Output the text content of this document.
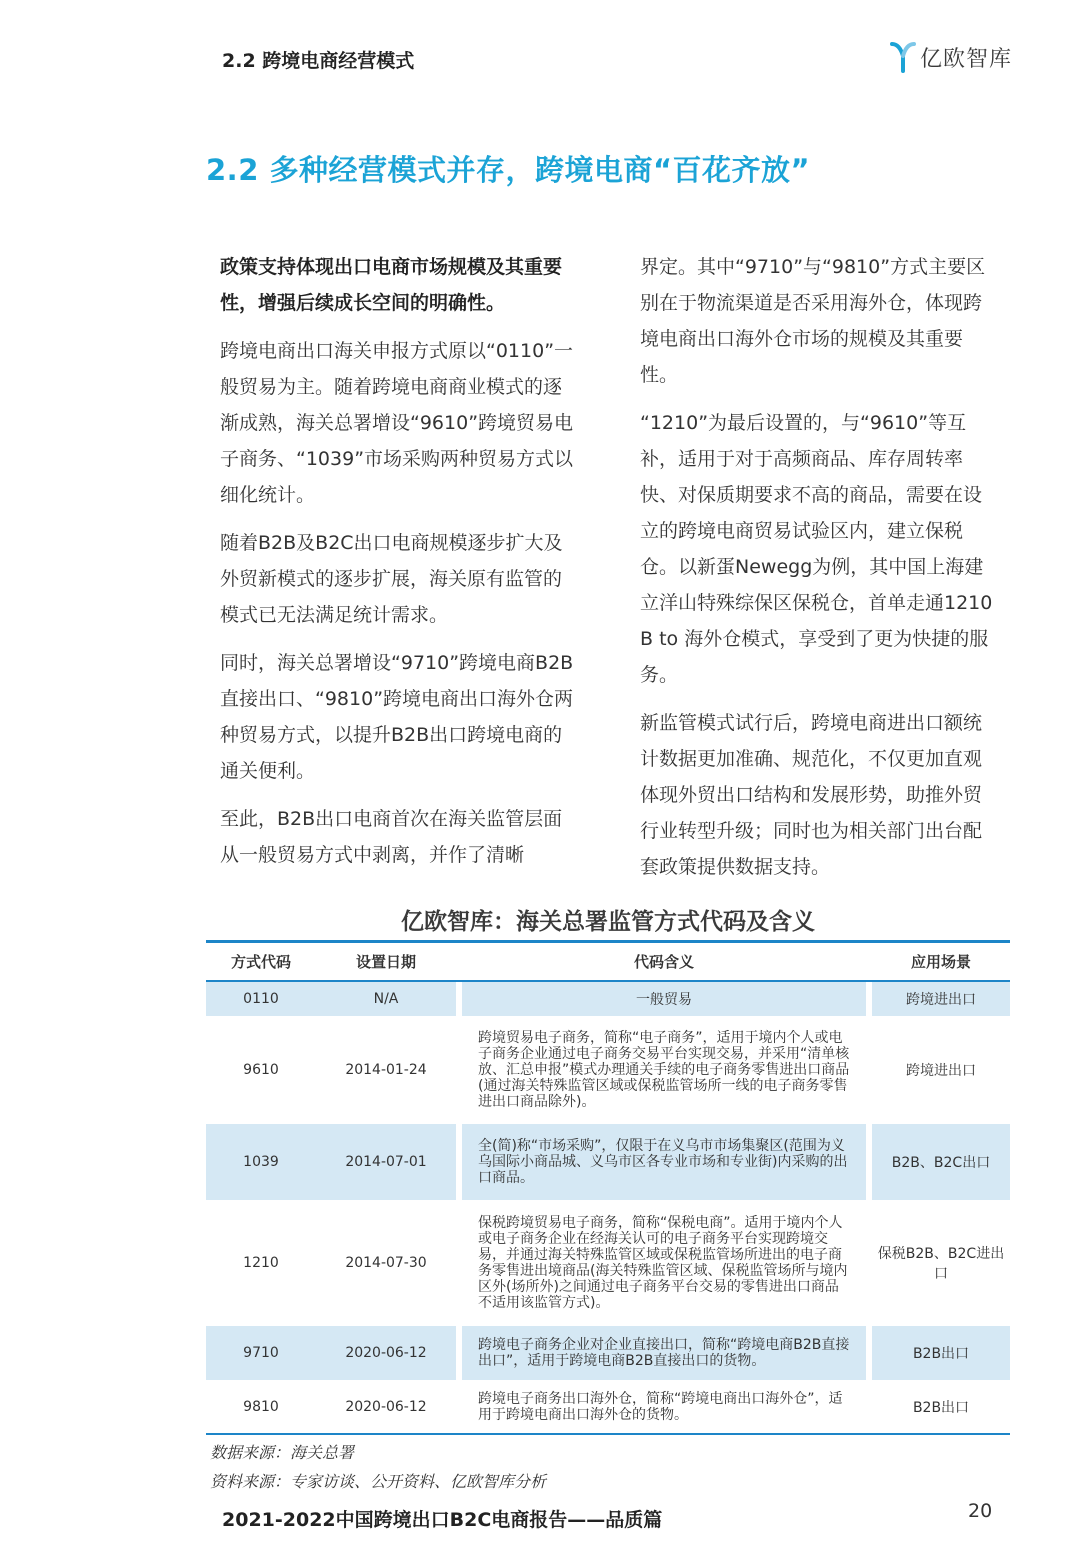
2.2 跨境电商经营模式	亿欧智库
2.2 多种经营模式并存，跨境电商“百花齐放”

政策支持体现出口电商市场规模及其重要性，增强后续成长空间的明确性。

跨境电商出口海关申报方式原以“0110”一般贸易为主。随着跨境电商商业模式的逐渐成熟，海关总署增设“9610”跨境贸易电子商务、“1039”市场采购两种贸易方式以细化统计。

随着B2B及B2C出口电商规模逐步扩大及外贸新模式的逐步扩展，海关原有监管的模式已无法满足统计需求。

同时，海关总署增设“9710”跨境电商B2B直接出口、“9810”跨境电商出口海外仓两种贸易方式，以提升B2B出口跨境电商的通关便利。

至此，B2B出口电商首次在海关监管层面从一般贸易方式中剥离，并作了清晰

界定。其中“9710”与“9810”方式主要区别在于物流渠道是否采用海外仓，体现跨境电商出口海外仓市场的规模及其重要性。

“1210”为最后设置的，与“9610”等互补，适用于对于高频商品、库存周转率快、对保质期要求不高的商品，需要在设立的跨境电商贸易试验区内，建立保税仓。以新蛋Newegg为例，其中国上海建立洋山特殊综保区保税仓，首单走通1210 B to 海外仓模式，享受到了更为快捷的服务。

新监管模式试行后，跨境电商进出口额统计数据更加准确、规范化，不仅更加直观体现外贸出口结构和发展形势，助推外贸行业转型升级；同时也为相关部门出台配套政策提供数据支持。

亿欧智库：海关总署监管方式代码及含义
方式代码	设置日期		代码含义		应用场景
0110	N/A		一般贸易		跨境进出口
9610	2014-01-24		跨境贸易电子商务，简称“电子商务”，适用于境内个人或电子商务企业通过电子商务交易平台实现交易，并采用“清单核放、汇总申报”模式办理通关手续的电子商务零售进出口商品(通过海关特殊监管区域或保税监管场所一线的电子商务零售进出口商品除外)。		跨境进出口
1039	2014-07-01		全(简)称“市场采购”，仅限于在义乌市市场集聚区(范围为义乌国际小商品城、义乌市区各专业市场和专业街)内采购的出口商品。		B2B、B2C出口
1210	2014-07-30		保税跨境贸易电子商务，简称“保税电商”。适用于境内个人或电子商务企业在经海关认可的电子商务平台实现跨境交易，并通过海关特殊监管区域或保税监管场所进出的电子商务零售进出境商品(海关特殊监管区域、保税监管场所与境内区外(场所外)之间通过电子商务平台交易的零售进出口商品不适用该监管方式)。		保税B2B、B2C进出口
9710	2020-06-12		跨境电子商务企业对企业直接出口，简称“跨境电商B2B直接出口”，适用于跨境电商B2B直接出口的货物。		B2B出口
9810	2020-06-12		跨境电子商务出口海外仓，简称“跨境电商出口海外仓”，适用于跨境电商出口海外仓的货物。		B2B出口
数据来源：海关总署
资料来源：专家访谈、公开资料、亿欧智库分析
2021-2022中国跨境出口B2C电商报告——品质篇	20
